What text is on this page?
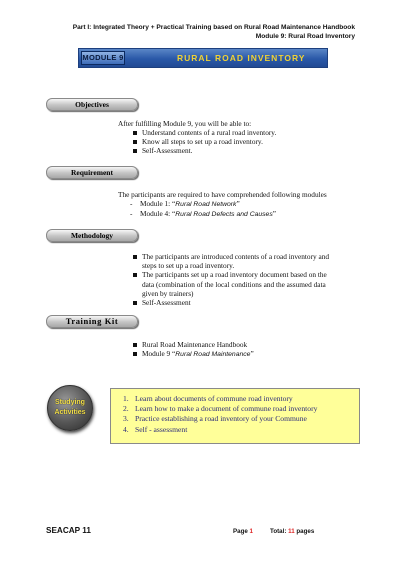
Part I: Integrated Theory + Practical Training based on Rural Road Maintenance Handbook
Module 9: Rural Road Inventory
MODULE 9	RURAL ROAD INVENTORY
Objectives
After fulfilling Module 9, you will be able to:
Understand contents of a rural road inventory.
Know all steps to set up a road inventory.
Self-Assessment.
Requirement
The participants are required to have comprehended following modules
- Module 1: “Rural Road Network”
- Module 4: “Rural Road Defects and Causes”
Methodology
The participants are introduced contents of a road inventory and
steps to set up a road inventory.
The participants set up a road inventory document based on the
data (combination of the local conditions and the assumed data
given by trainers)
Self-Assessment
Training Kit
Rural Road Maintenance Handbook
Module 9 “Rural Road Maintenance”
Studying
Activities
1. Learn about documents of commune road inventory
2. Learn how to make a document of commune road inventory
3. Practice establishing a road inventory of your Commune
4. Self - assessment
SEACAP 11	Page 1	Total: 11 pages
